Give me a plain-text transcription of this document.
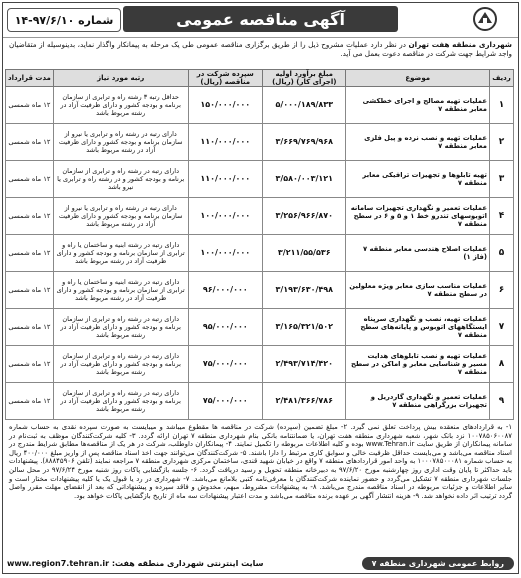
آگهی مناقصه عمومی
شماره ۹۷/۶/۱۰-۱۴
شهرداری منطقه هفت تهران در نظر دارد عملیات مشروح ذیل را از طریق برگزاری مناقصه عمومی طی یک مرحله به پیمانکار واگذار نماید، بدینوسیله از متقاضیان واجد شرایط جهت شرکت در مناقصه دعوت بعمل می آید.
ردیف	موضوع	مبلغ برآورد اولیه (اجرای کار) (ریال)	سپرده شرکت در مناقصه (ریال)	رتبه مورد نیاز	مدت قرارداد
۱	عملیات تهیه مصالح و اجرای خطکشی معابر منطقه ۷	۵/۰۰۰/۱۸۹/۸۳۳	۱۵۰/۰۰۰/۰۰۰	حداقل رتبه ۳ رشته راه و ترابری از سازمان برنامه و بودجه کشور و دارای ظرفیت آزاد در رشته مربوط باشد	۱۲ ماه شمسی
۲	عملیات تهیه و نصب نرده و پیل فلزی معابر منطقه ۷	۳/۶۶۹/۷۶۹/۹۶۸	۱۱۰/۰۰۰/۰۰۰	دارای رتبه در رشته راه و ترابری یا نیرو از سازمان برنامه و بودجه کشور و دارای ظرفیت آزاد در رشته مربوط باشد	۱۲ ماه شمسی
۳	تهیه تابلوها و تجهیزات ترافیکی معابر منطقه ۷	۳/۵۸۰/۰۰۳/۱۲۱	۱۱۰/۰۰۰/۰۰۰	دارای رتبه در رشته راه و ترابری از سازمان برنامه و بودجه کشور و در رشته راه و ترابری یا نیرو باشد	۱۲ ماه شمسی
۴	عملیات تعمیر و نگهداری تجهیزات سامانه اتوبوسهای تندرو خط ۱ و ۵ و ۶ در سطح منطقه ۷	۳/۲۵۶/۹۶۶/۸۷۰	۱۰۰/۰۰۰/۰۰۰	دارای رتبه در رشته راه و ترابری یا نیرو از سازمان برنامه و بودجه کشور و دارای ظرفیت آزاد در رشته مربوط باشد	۱۲ ماه شمسی
۵	عملیات اصلاح هندسی معابر منطقه ۷ (فاز ۱)	۳/۲۱۱/۵۵/۵۳۶	۱۰۰/۰۰۰/۰۰۰	دارای رتبه در رشته ابنیه و ساختمان یا راه و ترابری از سازمان برنامه و بودجه کشور و دارای ظرفیت آزاد در رشته مربوط باشد	۱۲ ماه شمسی
۶	عملیات مناسب سازی معابر ویژه معلولین در سطح منطقه ۷	۳/۱۹۳/۶۳۰/۴۹۸	۹۶/۰۰۰/۰۰۰	دارای رتبه در رشته ابنیه و ساختمان یا راه و ترابری از سازمان برنامه و بودجه کشور و دارای ظرفیت آزاد در رشته مربوط باشد	۱۲ ماه شمسی
۷	عملیات تهیه، نصب و نگهداری سرپناه ایستگاههای اتوبوس و پایانه‌های سطح منطقه ۷	۳/۱۶۵/۳۲۱/۵۰۲	۹۵/۰۰۰/۰۰۰	دارای رتبه در رشته راه و ترابری از سازمان برنامه و بودجه کشور و دارای ظرفیت آزاد در رشته مربوط باشد	۱۲ ماه شمسی
۸	عملیات تهیه و نصب تابلوهای هدایت مسیر و شناسایی معابر و اماکن در سطح منطقه ۷	۲/۴۹۳/۷۱۴/۴۲۰	۷۵/۰۰۰/۰۰۰	دارای رتبه در رشته راه و ترابری از سازمان برنامه و بودجه کشور و دارای ظرفیت آزاد در رشته مربوط باشد	۱۲ ماه شمسی
۹	عملیات تعمیر و نگهداری گاردریل و تجهیزات بزرگراهی منطقه ۷	۲/۴۸۱/۳۶۶/۷۸۶	۷۵/۰۰۰/۰۰۰	دارای رتبه در رشته راه و ترابری از سازمان برنامه و بودجه کشور و دارای ظرفیت آزاد در رشته مربوط باشد	۱۲ ماه شمسی
۱- به قراردادهای منعقده بیش پرداخت تعلق نمی گیرد. ۲- مبلغ تضمین (سپرده) شرکت در مناقصه ها مقطوع میباشد و میبایست به صورت سپرده نقدی به حساب شماره ۱۰۰۷۸۵۰۶۰۰۸۷ نزد بانک شهر، شعبه شهرداری منطقه هفت تهران، یا ضمانتنامه بانکی بنام شهرداری منطقه ۷ تهران ارائه گردد. ۳- کلیه شرکت‌کنندگان موظف به ثبت‌نام در سامانه پیمانکاران از طریق سایت www.Tehran.ir بوده و کلیه اطلاعات مربوطه را تکمیل نمایند. ۴- پیمانکاران داوطلب، شرکت در هر یک از مناقصه‌ها مطابق شرایط مندرج در اسناد مناقصه می‌باشد و می‌بایست حداقل ظرفیت خالی و سوابق کاری مرتبط را دارا باشند. ۵- شرکت‌کنندگان می‌توانند جهت اخذ اسناد مناقصه پس از واریز مبلغ ۴۰۰/۰۰۰ ریال به حساب شماره ۱۰۰۰۷۸۵۰۰۰۸۱ به واحد امور قراردادهای منطقه ۷ واقع در خیابان شهید قندی، ساختمان مرکزی شهرداری منطقه ۷ مراجعه نمایند (تلفن ۸۸۸۴۵۹۰۶). پیشنهادات باید حداکثر تا پایان وقت اداری روز چهارشنبه مورخ ۹۷/۶/۲۰ به دبیرخانه منطقه تحویل و رسید دریافت گردد. ۶- جلسه بازگشایی پاکات روز شنبه مورخ ۹۷/۶/۲۴ در محل سالن جلسات شهرداری منطقه ۷ تشکیل می‌گردد و حضور نماینده شرکت‌کنندگان با معرفی‌نامه کتبی بلامانع می‌باشد. ۷- شهرداری در رد یا قبول یک یا کلیه پیشنهادات مختار است و سایر اطلاعات و جزئیات مربوطه در اسناد مناقصه مندرج می‌باشد. ۸- به پیشنهادات مشروط، مبهم، مخدوش و فاقد سپرده و پیشنهاداتی که بعد از انقضای مهلت مقرر واصل گردد ترتیب اثر داده نخواهد شد. ۹- هزینه انتشار آگهی بر عهده برنده مناقصه می‌باشد و مدت اعتبار پیشنهادات سه ماه از تاریخ بازگشایی پاکات خواهد بود.
روابط عمومی شهرداری منطقه ۷
سایت اینترنتی شهرداری منطقه هفت: www.region7.tehran.ir
